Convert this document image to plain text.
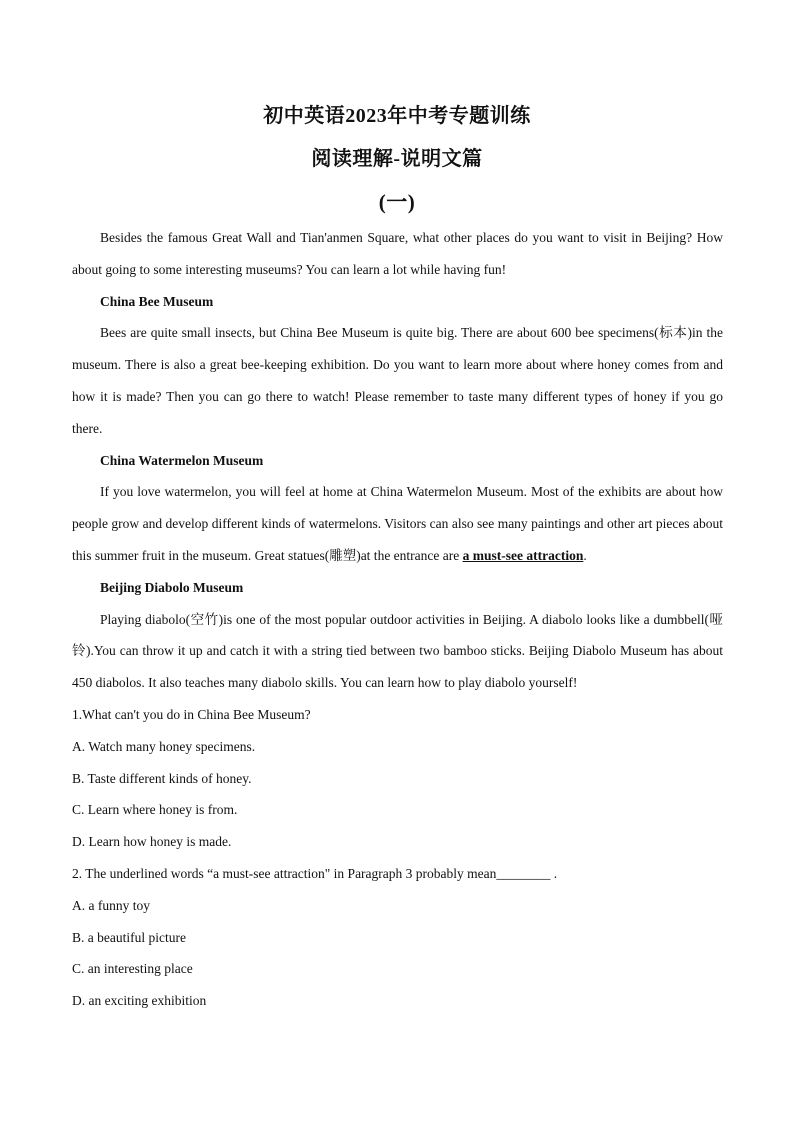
初中英语2023年中考专题训练
阅读理解-说明文篇
(一)

Besides the famous Great Wall and Tian'anmen Square, what other places do you want to visit in Beijing? How about going to some interesting museums? You can learn a lot while having fun!

China Bee Museum

Bees are quite small insects, but China Bee Museum is quite big. There are about 600 bee specimens(标本)in the museum. There is also a great bee-keeping exhibition. Do you want to learn more about where honey comes from and how it is made? Then you can go there to watch! Please remember to taste many different types of honey if you go there.

China Watermelon Museum

If you love watermelon, you will feel at home at China Watermelon Museum. Most of the exhibits are about how people grow and develop different kinds of watermelons. Visitors can also see many paintings and other art pieces about this summer fruit in the museum. Great statues(雕塑)at the entrance are a must-see attraction.

Beijing Diabolo Museum

Playing diabolo(空竹)is one of the most popular outdoor activities in Beijing. A diabolo looks like a dumbbell(哑铃).You can throw it up and catch it with a string tied between two bamboo sticks. Beijing Diabolo Museum has about 450 diabolos. It also teaches many diabolo skills. You can learn how to play diabolo yourself!

1.What can't you do in China Bee Museum?

A. Watch many honey specimens.

B. Taste different kinds of honey.

C. Learn where honey is from.

D. Learn how honey is made.

2. The underlined words “a must-see attraction" in Paragraph 3 probably mean________ .

A. a funny toy

B. a beautiful picture

C. an interesting place

D. an exciting exhibition
